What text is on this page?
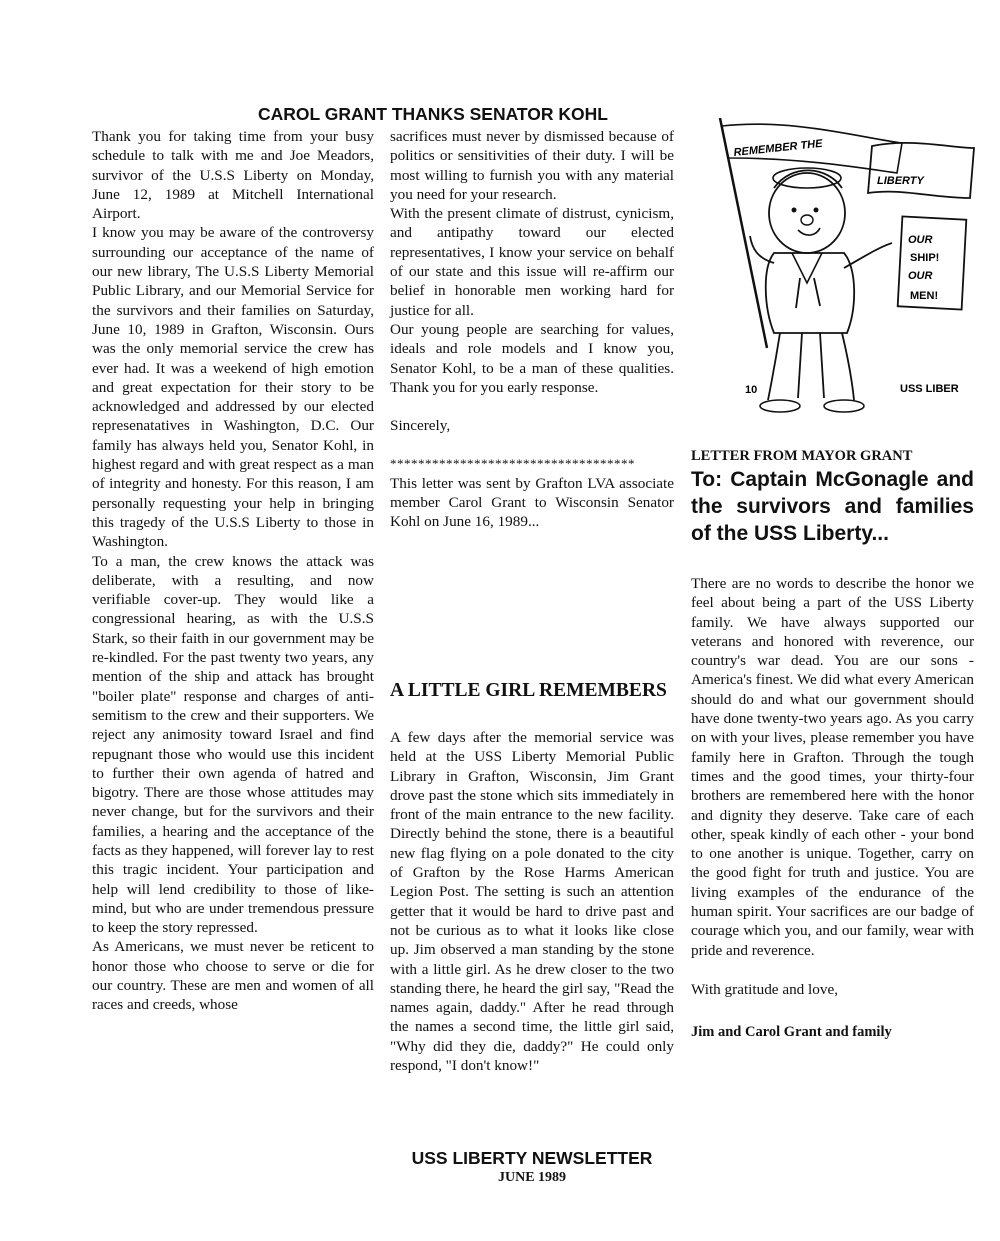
CAROL GRANT THANKS SENATOR KOHL

Thank you for taking time from your busy schedule to talk with me and Joe Meadors, survivor of the U.S.S Liberty on Monday, June 12, 1989 at Mitchell International Airport.

I know you may be aware of the controversy surrounding our acceptance of the name of our new library, The U.S.S Liberty Memorial Public Library, and our Memorial Service for the survivors and their families on Saturday, June 10, 1989 in Grafton, Wisconsin. Ours was the only memorial service the crew has ever had. It was a weekend of high emotion and great expectation for their story to be acknowledged and addressed by our elected represenatatives in Washington, D.C. Our family has always held you, Senator Kohl, in highest regard and with great respect as a man of integrity and honesty. For this reason, I am personally requesting your help in bringing this tragedy of the U.S.S Liberty to those in Washington.

To a man, the crew knows the attack was deliberate, with a resulting, and now verifiable cover-up. They would like a congressional hearing, as with the U.S.S Stark, so their faith in our government may be re-kindled. For the past twenty two years, any mention of the ship and attack has brought "boiler plate" response and charges of anti-semitism to the crew and their supporters. We reject any animosity toward Israel and find repugnant those who would use this incident to further their own agenda of hatred and bigotry. There are those whose attitudes may never change, but for the survivors and their families, a hearing and the acceptance of the facts as they happened, will forever lay to rest this tragic incident. Your participation and help will lend credibility to those of like-mind, but who are under tremendous pressure to keep the story repressed.

As Americans, we must never be reticent to honor those who choose to serve or die for our country. These are men and women of all races and creeds, whose

sacrifices must never by dismissed because of politics or sensitivities of their duty. I will be most willing to furnish you with any material you need for your research.

With the present climate of distrust, cynicism, and antipathy toward our elected representatives, I know your service on behalf of our state and this issue will re-affirm our belief in honorable men working hard for justice for all.

Our young people are searching for values, ideals and role models and I know you, Senator Kohl, to be a man of these qualities. Thank you for you early response.

Sincerely,

***********************************

This letter was sent by Grafton LVA associate member Carol Grant to Wisconsin Senator Kohl on June 16, 1989...

A LITTLE GIRL REMEMBERS

A few days after the memorial service was held at the USS Liberty Memorial Public Library in Grafton, Wisconsin, Jim Grant drove past the stone which sits immediately in front of the main entrance to the new facility. Directly behind the stone, there is a beautiful new flag flying on a pole donated to the city of Grafton by the Rose Harms American Legion Post. The setting is such an attention getter that it would be hard to drive past and not be curious as to what it looks like close up. Jim observed a man standing by the stone with a little girl. As he drew closer to the two standing there, he heard the girl say, "Read the names again, daddy." After he read through the names a second time, the little girl said, "Why did they die, daddy?" He could only respond, "I don't know!"

REMEMBER THE
LIBERTY
OUR
SHIP!
OUR
MEN!
10	USS LIBER

LETTER FROM MAYOR GRANT

To: Captain McGonagle and the survivors and families of the USS Liberty...

There are no words to describe the honor we feel about being a part of the USS Liberty family. We have always supported our veterans and honored with reverence, our country's war dead. You are our sons - America's finest. We did what every American should do and what our government should have done twenty-two years ago. As you carry on with your lives, please remember you have family here in Grafton. Through the tough times and the good times, your thirty-four brothers are remembered here with the honor and dignity they deserve. Take care of each other, speak kindly of each other - your bond to one another is unique. Together, carry on the good fight for truth and justice. You are living examples of the endurance of the human spirit. Your sacrifices are our badge of courage which you, and our family, wear with pride and reverence.

With gratitude and love,

Jim and Carol Grant and family

USS LIBERTY NEWSLETTER

JUNE 1989
